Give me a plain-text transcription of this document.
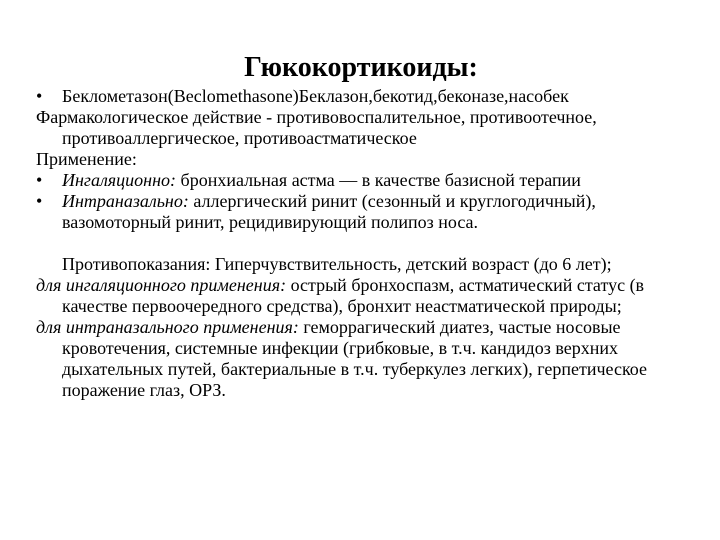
Гюкокортикоиды:

•	Беклометазон(Beclomethasone)Беклазон,бекотид,беконазе,насобек

Фармакологическое действие - противовоспалительное, противоотечное, противоаллергическое, противоастматическое

Применение:

•	Ингаляционно: бронхиальная астма — в качестве базисной терапии

•	Интраназально: аллергический ринит (сезонный и круглогодичный), вазомоторный ринит, рецидивирующий полипоз носа.

Противопоказания: Гиперчувствительность, детский возраст (до 6 лет);

для ингаляционного применения: острый бронхоспазм, астматический статус (в качестве первоочередного средства), бронхит неастматической природы;

для интраназального применения: геморрагический диатез, частые носовые кровотечения, системные инфекции (грибковые, в т.ч. кандидоз верхних дыхательных путей, бактериальные в т.ч. туберкулез легких), герпетическое поражение глаз, ОРЗ.
